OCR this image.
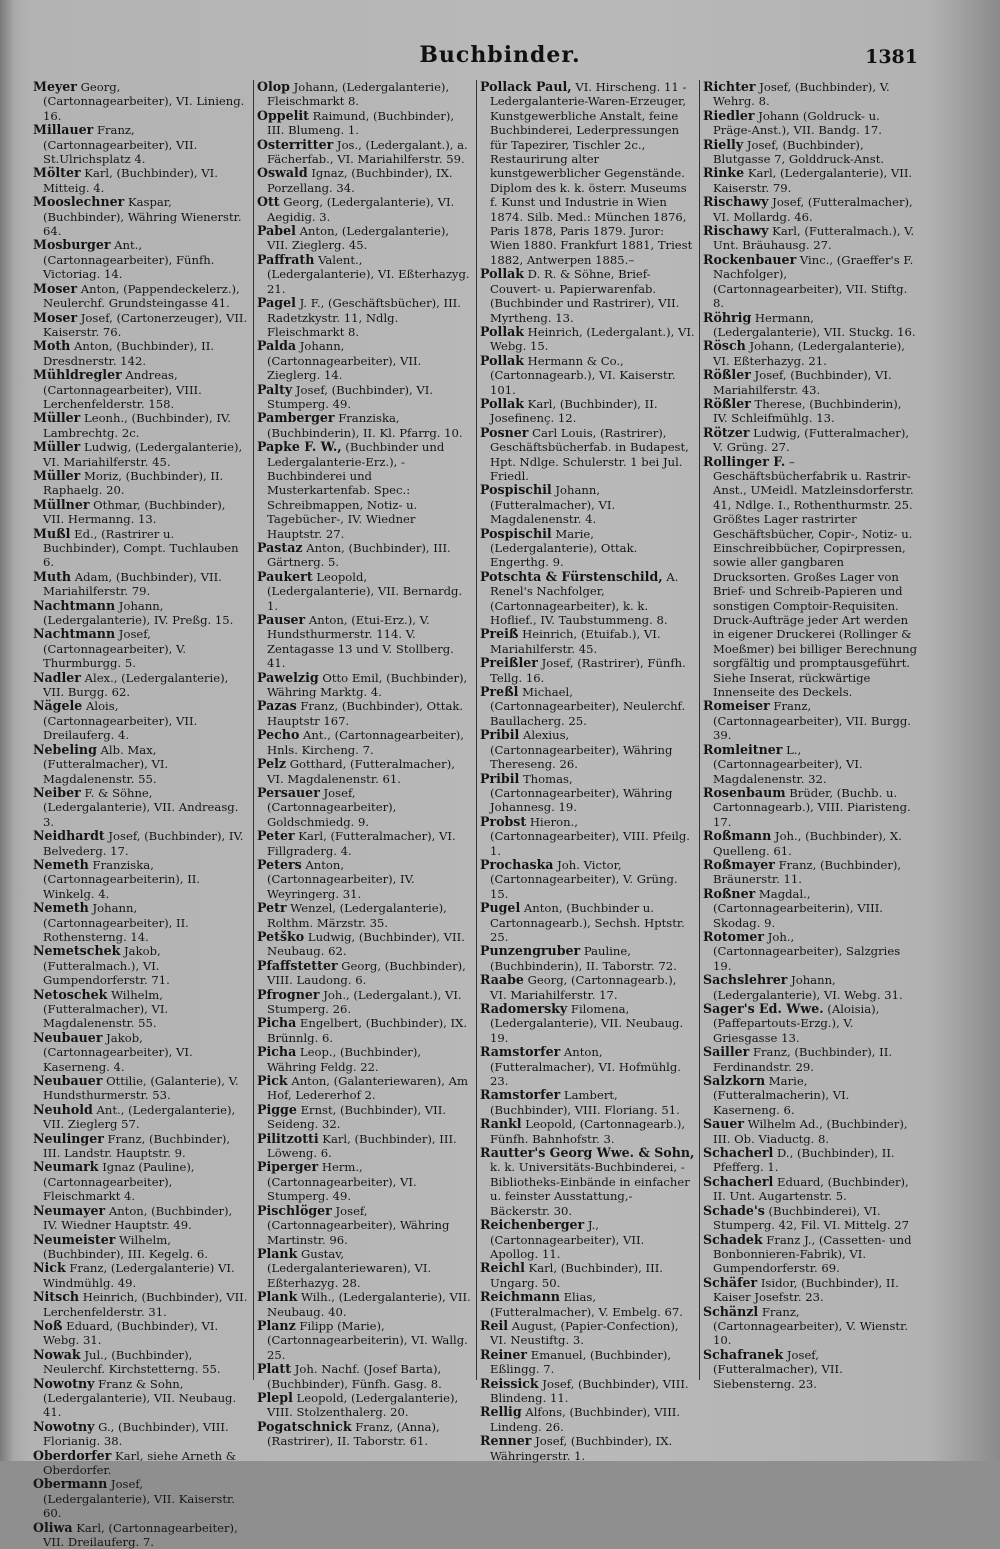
Buchbinder.	1381

Meyer Georg, (Cartonnagearbeiter), VI. Linieng. 16.

Millauer Franz, (Cartonnagearbeiter), VII. St.Ulrichsplatz 4.

Mölter Karl, (Buchbinder), VI. Mitteig. 4.

Mooslechner Kaspar, (Buchbinder), Währing Wienerstr. 64.

Mosburger Ant., (Cartonnagearbeiter), Fünfh. Victoriag. 14.

Moser Anton, (Pappendeckelerz.), Neulerchf. Grundsteingasse 41.

Moser Josef, (Cartonerzeuger), VII. Kaiserstr. 76.

Moth Anton, (Buchbinder), II. Dresdnerstr. 142.

Mühldregler Andreas, (Cartonnagearbeiter), VIII. Lerchenfelderstr. 158.

Müller Leonh., (Buchbinder), IV. Lambrechtg. 2c.

Müller Ludwig, (Ledergalanterie), VI. Mariahilferstr. 45.

Müller Moriz, (Buchbinder), II. Raphaelg. 20.

Müllner Othmar, (Buchbinder), VII. Hermanng. 13.

Mußl Ed., (Rastrirer u. Buchbinder), Compt. Tuchlauben 6.

Muth Adam, (Buchbinder), VII. Mariahilferstr. 79.

Nachtmann Johann, (Ledergalanterie), IV. Preßg. 15.

Nachtmann Josef, (Cartonnagearbeiter), V. Thurmburgg. 5.

Nadler Alex., (Ledergalanterie), VII. Burgg. 62.

Nägele Alois, (Cartonnagearbeiter), VII. Dreilauferg. 4.

Nebeling Alb. Max, (Futteralmacher), VI. Magdalenenstr. 55.

Neiber F. & Söhne, (Ledergalanterie), VII. Andreasg. 3.

Neidhardt Josef, (Buchbinder), IV. Belvederg. 17.

Nemeth Franziska, (Cartonnagearbeiterin), II. Winkelg. 4.

Nemeth Johann, (Cartonnagearbeiter), II. Rothensterng. 14.

Nemetschek Jakob, (Futteralmach.), VI. Gumpendorferstr. 71.

Netoschek Wilhelm, (Futteralmacher), VI. Magdalenenstr. 55.

Neubauer Jakob, (Cartonnagearbeiter), VI. Kaserneng. 4.

Neubauer Ottilie, (Galanterie), V. Hundsthurmerstr. 53.

Neuhold Ant., (Ledergalanterie), VII. Zieglerg 57.

Neulinger Franz, (Buchbinder), III. Landstr. Hauptstr. 9.

Neumark Ignaz (Pauline), (Cartonnagearbeiter), Fleischmarkt 4.

Neumayer Anton, (Buchbinder), IV. Wiedner Hauptstr. 49.

Neumeister Wilhelm, (Buchbinder), III. Kegelg. 6.

Nick Franz, (Ledergalanterie) VI. Windmühlg. 49.

Nitsch Heinrich, (Buchbinder), VII. Lerchenfelderstr. 31.

Noß Eduard, (Buchbinder), VI. Webg. 31.

Nowak Jul., (Buchbinder), Neulerchf. Kirchstetterng. 55.

Nowotny Franz & Sohn, (Ledergalanterie), VII. Neubaug. 41.

Nowotny G., (Buchbinder), VIII. Florianig. 38.

Oberdorfer Karl, siehe Arneth & Oberdorfer.

Obermann Josef, (Ledergalanterie), VII. Kaiserstr. 60.

Oliwa Karl, (Cartonnagearbeiter), VII. Dreilauferg. 7.

Olop Johann, (Ledergalanterie), Fleischmarkt 8.

Oppelit Raimund, (Buchbinder), III. Blumeng. 1.

Osterritter Jos., (Ledergalant.), a. Fächerfab., VI. Mariahilferstr. 59.

Oswald Ignaz, (Buchbinder), IX. Porzellang. 34.

Ott Georg, (Ledergalanterie), VI. Aegidig. 3.

Pabel Anton, (Ledergalanterie), VII. Zieglerg. 45.

Paffrath Valent., (Ledergalanterie), VI. Eßterhazyg. 21.

Pagel J. F., (Geschäftsbücher), III. Radetzkystr. 11, Ndlg. Fleischmarkt 8.

Palda Johann, (Cartonnagearbeiter), VII. Zieglerg. 14.

Palty Josef, (Buchbinder), VI. Stumperg. 49.

Pamberger Franziska, (Buchbinderin), II. Kl. Pfarrg. 10.

Papke F. W., (Buchbinder und Ledergalanterie-Erz.), -Buchbinderei und Musterkartenfab. Spec.: Schreibmappen, Notiz- u. Tagebücher-, IV. Wiedner Hauptstr. 27.

Pastaz Anton, (Buchbinder), III. Gärtnerg. 5.

Paukert Leopold, (Ledergalanterie), VII. Bernardg. 1.

Pauser Anton, (Etui-Erz.), V. Hundsthurmerstr. 114. V. Zentagasse 13 und V. Stollberg. 41.

Pawelzig Otto Emil, (Buchbinder), Währing Marktg. 4.

Pazas Franz, (Buchbinder), Ottak. Hauptstr 167.

Pecho Ant., (Cartonnagearbeiter), Hnls. Kircheng. 7.

Pelz Gotthard, (Futteralmacher), VI. Magdalenenstr. 61.

Persauer Josef, (Cartonnagearbeiter), Goldschmiedg. 9.

Peter Karl, (Futteralmacher), VI. Fillgraderg. 4.

Peters Anton, (Cartonnagearbeiter), IV. Weyringerg. 31.

Petr Wenzel, (Ledergalanterie), Rolthm. Märzstr. 35.

Petško Ludwig, (Buchbinder), VII. Neubaug. 62.

Pfaffstetter Georg, (Buchbinder), VIII. Laudong. 6.

Pfrogner Joh., (Ledergalant.), VI. Stumperg. 26.

Picha Engelbert, (Buchbinder), IX. Brünnlg. 6.

Picha Leop., (Buchbinder), Währing Feldg. 22.

Pick Anton, (Galanteriewaren), Am Hof, Ledererhof 2.

Pigge Ernst, (Buchbinder), VII. Seideng. 32.

Pilitzotti Karl, (Buchbinder), III. Löweng. 6.

Piperger Herm., (Cartonnagearbeiter), VI. Stumperg. 49.

Pischlöger Josef, (Cartonnagearbeiter), Währing Martinstr. 96.

Plank Gustav, (Ledergalanteriewaren), VI. Eßterhazyg. 28.

Plank Wilh., (Ledergalanterie), VII. Neubaug. 40.

Planz Filipp (Marie), (Cartonnagearbeiterin), VI. Wallg. 25.

Platt Joh. Nachf. (Josef Barta), (Buchbinder), Fünfh. Gasg. 8.

Plepl Leopold, (Ledergalanterie), VIII. Stolzenthalerg. 20.

Pogatschnick Franz, (Anna), (Rastrirer), II. Taborstr. 61.

Pollack Paul, VI. Hirscheng. 11 -Ledergalanterie-Waren-Erzeuger, Kunstgewerbliche Anstalt, feine Buchbinderei, Lederpressungen für Tapezirer, Tischler 2c., Restaurirung alter kunstgewerblicher Gegenstände. Diplom des k. k. österr. Museums f. Kunst und Industrie in Wien 1874. Silb. Med.: München 1876, Paris 1878, Paris 1879. Juror: Wien 1880. Frankfurt 1881, Triest 1882, Antwerpen 1885.–

Pollak D. R. & Söhne, Brief-Couvert- u. Papierwarenfab. (Buchbinder und Rastrirer), VII. Myrtheng. 13.

Pollak Heinrich, (Ledergalant.), VI. Webg. 15.

Pollak Hermann & Co., (Cartonnagearb.), VI. Kaiserstr. 101.

Pollak Karl, (Buchbinder), II. Josefinenç. 12.

Posner Carl Louis, (Rastrirer), Geschäftsbücherfab. in Budapest, Hpt. Ndlge. Schulerstr. 1 bei Jul. Friedl.

Pospischil Johann, (Futteralmacher), VI. Magdalenenstr. 4.

Pospischil Marie, (Ledergalanterie), Ottak. Engerthg. 9.

Potschta & Fürstenschild, A. Renel's Nachfolger, (Cartonnagearbeiter), k. k. Hoflief., IV. Taubstummeng. 8.

Preiß Heinrich, (Etuifab.), VI. Mariahilferstr. 45.

Preißler Josef, (Rastrirer), Fünfh. Tellg. 16.

Preßl Michael, (Cartonnagearbeiter), Neulerchf. Baullacherg. 25.

Pribil Alexius, (Cartonnagearbeiter), Währing Thereseng. 26.

Pribil Thomas, (Cartonnagearbeiter), Währing Johannesg. 19.

Probst Hieron., (Cartonnagearbeiter), VIII. Pfeilg. 1.

Prochaska Joh. Victor, (Cartonnagearbeiter), V. Grüng. 15.

Pugel Anton, (Buchbinder u. Cartonnagearb.), Sechsh. Hptstr. 25.

Punzengruber Pauline, (Buchbinderin), II. Taborstr. 72.

Raabe Georg, (Cartonnagearb.), VI. Mariahilferstr. 17.

Radomersky Filomena, (Ledergalanterie), VII. Neubaug. 19.

Ramstorfer Anton, (Futteralmacher), VI. Hofmühlg. 23.

Ramstorfer Lambert, (Buchbinder), VIII. Floriang. 51.

Rankl Leopold, (Cartonnagearb.), Fünfh. Bahnhofstr. 3.

Rautter's Georg Wwe. & Sohn, k. k. Universitäts-Buchbinderei, -Bibliotheks-Einbände in einfacher u. feinster Ausstattung,- Bäckerstr. 30.

Reichenberger J., (Cartonnagearbeiter), VII. Apollog. 11.

Reichl Karl, (Buchbinder), III. Ungarg. 50.

Reichmann Elias, (Futteralmacher), V. Embelg. 67.

Reil August, (Papier-Confection), VI. Neustiftg. 3.

Reiner Emanuel, (Buchbinder), Eßlingg. 7.

Reissick Josef, (Buchbinder), VIII. Blindeng. 11.

Rellig Alfons, (Buchbinder), VIII. Lindeng. 26.

Renner Josef, (Buchbinder), IX. Währingerstr. 1.

Richter Josef, (Buchbinder), V. Wehrg. 8.

Riedler Johann (Goldruck- u. Präge-Anst.), VII. Bandg. 17.

Rielly Josef, (Buchbinder), Blutgasse 7, Golddruck-Anst.

Rinke Karl, (Ledergalanterie), VII. Kaiserstr. 79.

Rischawy Josef, (Futteralmacher), VI. Mollardg. 46.

Rischawy Karl, (Futteralmach.), V. Unt. Bräuhausg. 27.

Rockenbauer Vinc., (Graeffer's F. Nachfolger), (Cartonnagearbeiter), VII. Stiftg. 8.

Röhrig Hermann, (Ledergalanterie), VII. Stuckg. 16.

Rösch Johann, (Ledergalanterie), VI. Eßterhazyg. 21.

Rößler Josef, (Buchbinder), VI. Mariahilferstr. 43.

Rößler Therese, (Buchbinderin), IV. Schleifmühlg. 13.

Rötzer Ludwig, (Futteralmacher), V. Grüng. 27.

Rollinger F. – Geschäftsbücherfabrik u. Rastrir-Anst., UMeidl. Matzleinsdorferstr. 41, Ndlge. I., Rothenthurmstr. 25. Größtes Lager rastrirter Geschäftsbücher, Copir-, Notiz- u. Einschreibbücher, Copirpressen, sowie aller gangbaren Drucksorten. Großes Lager von Brief- und Schreib-Papieren und sonstigen Comptoir-Requisiten. Druck-Aufträge jeder Art werden in eigener Druckerei (Rollinger & Moeßmer) bei billiger Berechnung sorgfältig und promptausgeführt. Siehe Inserat, rückwärtige Innenseite des Deckels.

Romeiser Franz, (Cartonnagearbeiter), VII. Burgg. 39.

Romleitner L., (Cartonnagearbeiter), VI. Magdalenenstr. 32.

Rosenbaum Brüder, (Buchb. u. Cartonnagearb.), VIII. Piaristeng. 17.

Roßmann Joh., (Buchbinder), X. Quelleng. 61.

Roßmayer Franz, (Buchbinder), Bräunerstr. 11.

Roßner Magdal., (Cartonnagearbeiterin), VIII. Skodag. 9.

Rotomer Joh., (Cartonnagearbeiter), Salzgries 19.

Sachslehrer Johann, (Ledergalanterie), VI. Webg. 31.

Sager's Ed. Wwe. (Aloisia), (Paffepartouts-Erzg.), V. Griesgasse 13.

Sailler Franz, (Buchbinder), II. Ferdinandstr. 29.

Salzkorn Marie, (Futteralmacherin), VI. Kaserneng. 6.

Sauer Wilhelm Ad., (Buchbinder), III. Ob. Viaductg. 8.

Schacherl D., (Buchbinder), II. Pfefferg. 1.

Schacherl Eduard, (Buchbinder), II. Unt. Augartenstr. 5.

Schade's (Buchbinderei), VI. Stumperg. 42, Fil. VI. Mittelg. 27

Schadek Franz J., (Cassetten- und Bonbonnieren-Fabrik), VI. Gumpendorferstr. 69.

Schäfer Isidor, (Buchbinder), II. Kaiser Josefstr. 23.

Schänzl Franz, (Cartonnagearbeiter), V. Wienstr. 10.

Schafranek Josef, (Futteralmacher), VII. Siebensterng. 23.
